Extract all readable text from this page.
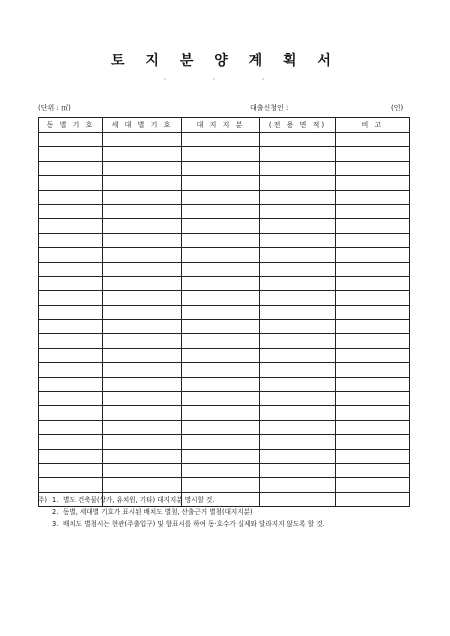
토 지 분 양 계 획 서
· · ·
(단위 : ㎡)	대출신청인 :	(인)
동 별 기 호	세 대 별 기 호	대 지 지 분	(전 용 면 적)	비 고

주) 1. 별도 건축물(상가, 유치원, 기타) 대지지분 명시할 것.
2. 동별, 세대별 기호가 표시된 배치도 별첨, 산출근거 별첨(대지지분)
3. 배치도 별첨시는 현관(주출입구) 및 향표시를 하여 동·호수가 실제와 달라지지 않도록 할 것.
